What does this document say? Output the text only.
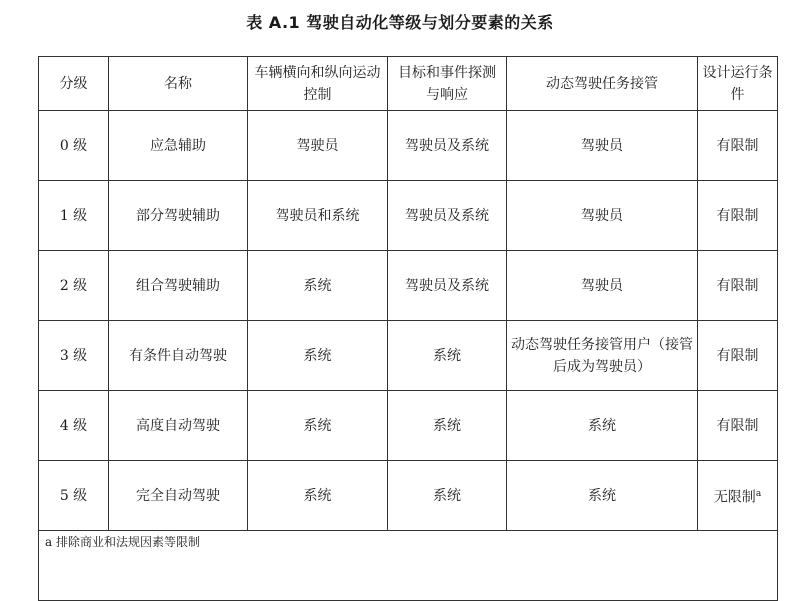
表 A.1 驾驶自动化等级与划分要素的关系
分级	名称	车辆横向和纵向运动控制	目标和事件探测与响应	动态驾驶任务接管	设计运行条件
0 级	应急辅助	驾驶员	驾驶员及系统	驾驶员	有限制
1 级	部分驾驶辅助	驾驶员和系统	驾驶员及系统	驾驶员	有限制
2 级	组合驾驶辅助	系统	驾驶员及系统	驾驶员	有限制
3 级	有条件自动驾驶	系统	系统	动态驾驶任务接管用户（接管后成为驾驶员）	有限制
4 级	高度自动驾驶	系统	系统	系统	有限制
5 级	完全自动驾驶	系统	系统	系统	无限制$^a$
a 排除商业和法规因素等限制					
